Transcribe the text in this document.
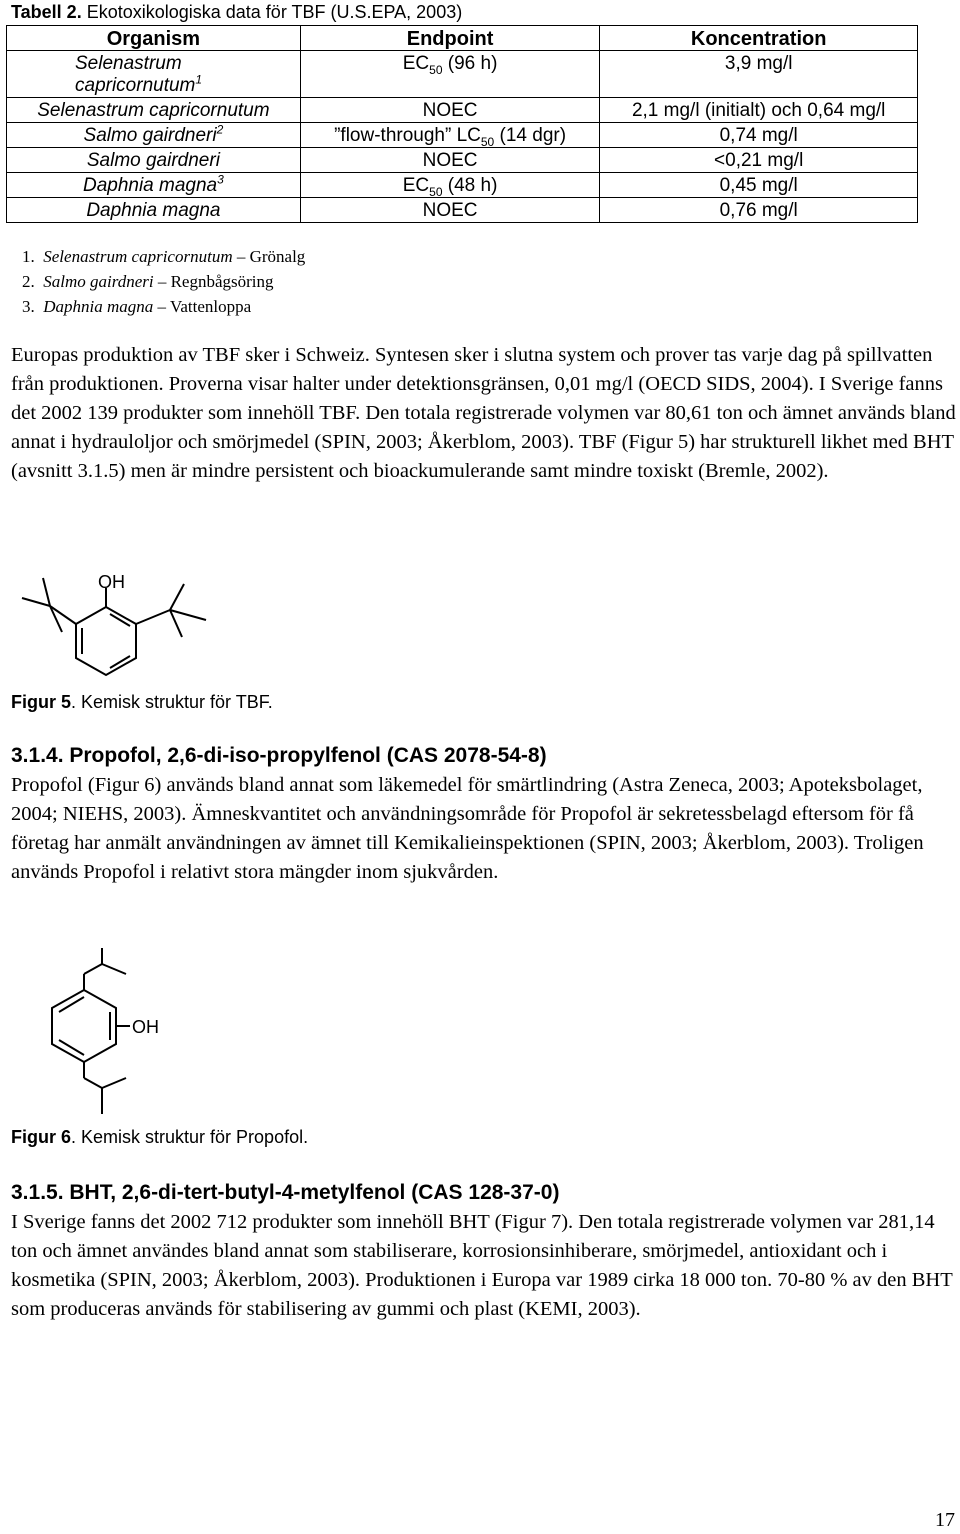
Tabell 2. Ekotoxikologiska data för TBF (U.S.EPA, 2003)
Organism	Endpoint	Koncentration
Selenastrum capricornutum$^1$	$EC_{50}$ (96 h)	3,9 mg/l
Selenastrum capricornutum	NOEC	2,1 mg/l (initialt) och 0,64 mg/l
Salmo gairdneri$^2$	”flow-through” $LC_{50}$ (14 dgr)	0,74 mg/l
Salmo gairdneri	NOEC	<0,21 mg/l
Daphnia magna$^3$	$EC_{50}$ (48 h)	0,45 mg/l
Daphnia magna	NOEC	0,76 mg/l
1. Selenastrum capricornutum – Grönalg
2. Salmo gairdneri – Regnbågsöring
3. Daphnia magna – Vattenloppa
Europas produktion av TBF sker i Schweiz. Syntesen sker i slutna system och prover tas varje dag på spillvatten från produktionen. Proverna visar halter under detektionsgränsen, 0,01 mg/l (OECD SIDS, 2004). I Sverige fanns det 2002 139 produkter som innehöll TBF. Den totala registrerade volymen var 80,61 ton och ämnet används bland annat i hydrauloljor och smörjmedel (SPIN, 2003; Åkerblom, 2003). TBF (Figur 5) har strukturell likhet med BHT (avsnitt 3.1.5) men är mindre persistent och bioackumulerande samt mindre toxiskt (Bremle, 2002).
OH
Figur 5. Kemisk struktur för TBF.
3.1.4. Propofol, 2,6-di-iso-propylfenol (CAS 2078-54-8)
Propofol (Figur 6) används bland annat som läkemedel för smärtlindring (Astra Zeneca, 2003; Apoteksbolaget, 2004; NIEHS, 2003). Ämneskvantitet och användningsområde för Propofol är sekretessbelagd eftersom för få företag har anmält användningen av ämnet till Kemikalieinspektionen (SPIN, 2003; Åkerblom, 2003). Troligen används Propofol i relativt stora mängder inom sjukvården.
OH
Figur 6. Kemisk struktur för Propofol.
3.1.5. BHT, 2,6-di-tert-butyl-4-metylfenol (CAS 128-37-0)
I Sverige fanns det 2002 712 produkter som innehöll BHT (Figur 7). Den totala registrerade volymen var 281,14 ton och ämnet användes bland annat som stabiliserare, korrosionsinhiberare, smörjmedel, antioxidant och i kosmetika (SPIN, 2003; Åkerblom, 2003). Produktionen i Europa var 1989 cirka 18 000 ton. 70-80 % av den BHT som produceras används för stabilisering av gummi och plast (KEMI, 2003).
17
